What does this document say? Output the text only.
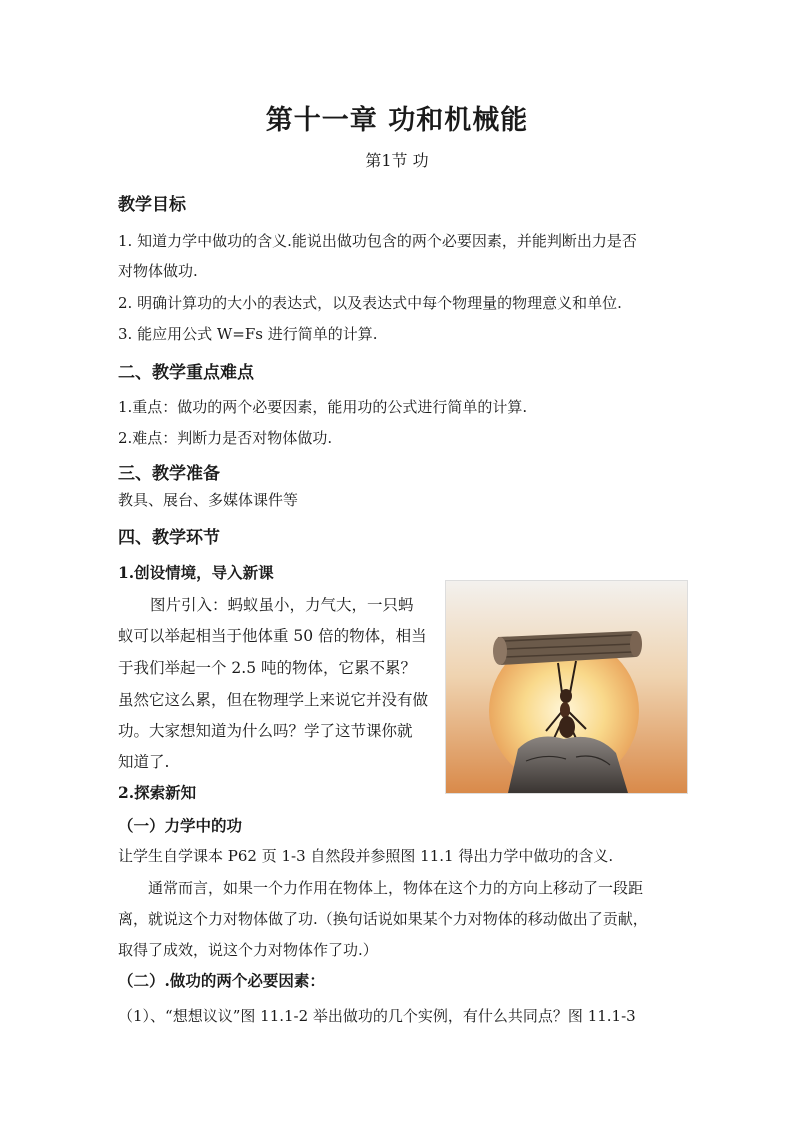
第十一章 功和机械能
第1节 功
教学目标
1. 知道力学中做功的含义.能说出做功包含的两个必要因素，并能判断出力是否
对物体做功.
2. 明确计算功的大小的表达式，以及表达式中每个物理量的物理意义和单位.
3. 能应用公式 W=Fs 进行简单的计算.
二、教学重点难点
1.重点：做功的两个必要因素，能用功的公式进行简单的计算.
2.难点：判断力是否对物体做功.
三、教学准备
教具、展台、多媒体课件等
四、教学环节
1.创设情境，导入新课
图片引入：蚂蚁虽小，力气大，一只蚂
蚁可以举起相当于他体重 50 倍的物体，相当
于我们举起一个 2.5 吨的物体，它累不累？
虽然它这么累，但在物理学上来说它并没有做
功。大家想知道为什么吗？学了这节课你就
知道了.
2.探索新知
（一）力学中的功
让学生自学课本 P62 页 1-3 自然段并参照图 11.1 得出力学中做功的含义.
通常而言，如果一个力作用在物体上，物体在这个力的方向上移动了一段距
离，就说这个力对物体做了功.（换句话说如果某个力对物体的移动做出了贡献，
取得了成效，说这个力对物体作了功.）
（二）.做功的两个必要因素：
（1）、“想想议议”图 11.1-2 举出做功的几个实例，有什么共同点？图 11.1-3
